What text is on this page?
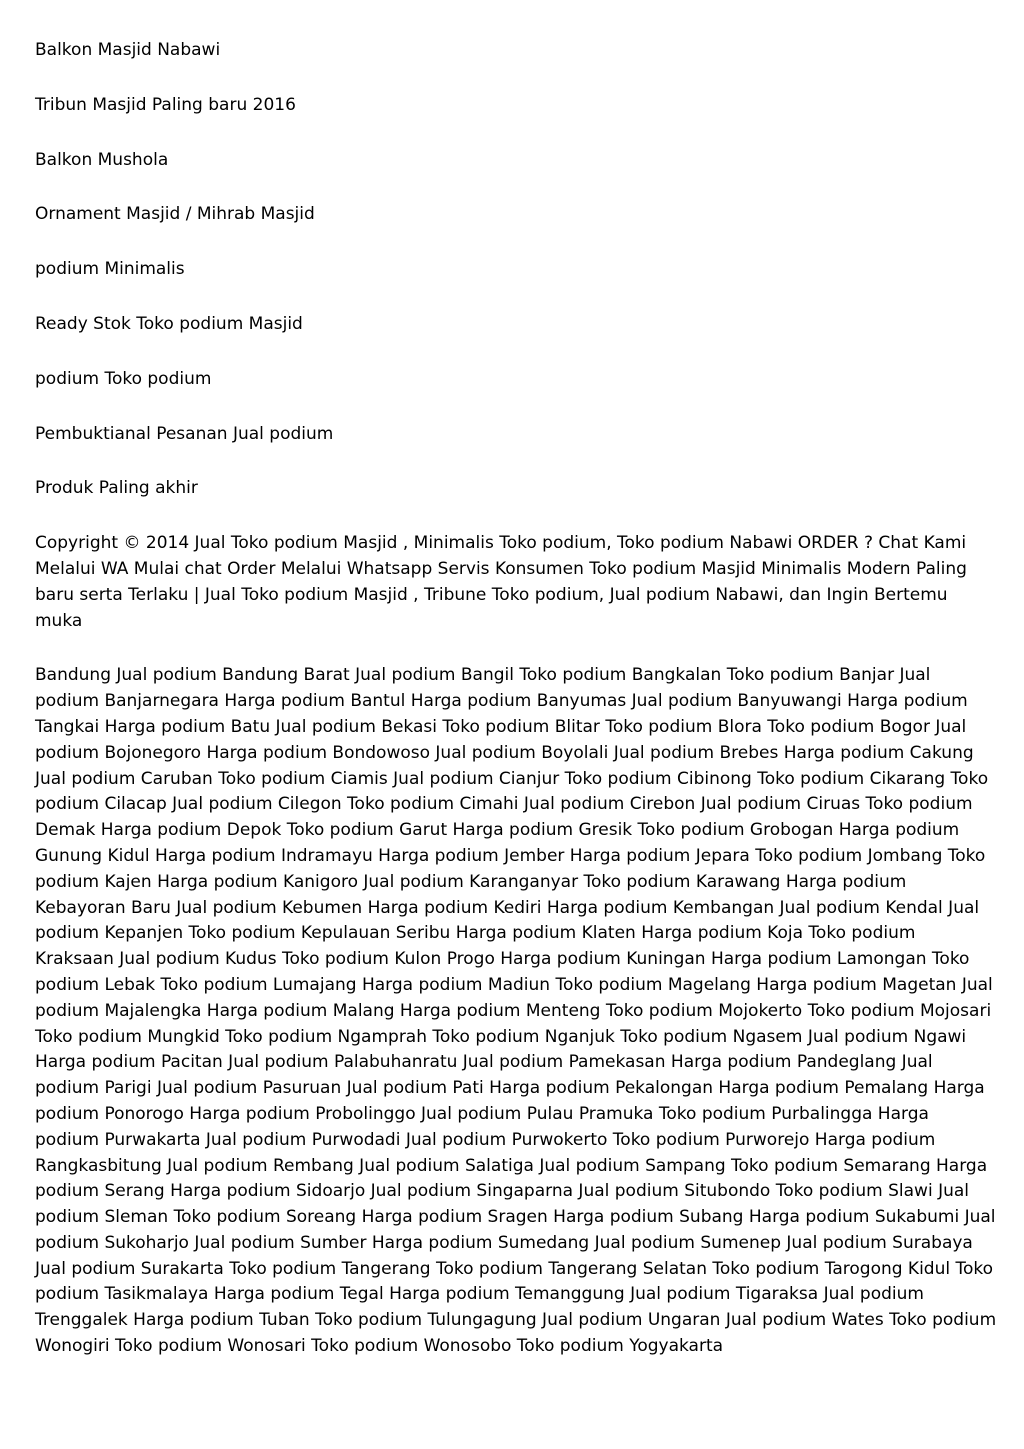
Balkon Masjid Nabawi
Tribun Masjid Paling baru 2016
Balkon Mushola
Ornament Masjid / Mihrab Masjid
podium Minimalis
Ready Stok Toko podium Masjid
podium Toko podium
Pembuktianal Pesanan Jual podium
Produk Paling akhir

Copyright © 2014 Jual Toko podium Masjid , Minimalis Toko podium, Toko podium Nabawi ORDER ? Chat Kami Melalui WA Mulai chat Order Melalui Whatsapp Servis Konsumen Toko podium Masjid Minimalis Modern Paling baru serta Terlaku | Jual Toko podium Masjid , Tribune Toko podium, Jual podium Nabawi, dan Ingin Bertemu muka

Bandung Jual podium Bandung Barat Jual podium Bangil Toko podium Bangkalan Toko podium Banjar Jual podium Banjarnegara Harga podium Bantul Harga podium Banyumas Jual podium Banyuwangi Harga podium Tangkai Harga podium Batu Jual podium Bekasi Toko podium Blitar Toko podium Blora Toko podium Bogor Jual podium Bojonegoro Harga podium Bondowoso Jual podium Boyolali Jual podium Brebes Harga podium Cakung Jual podium Caruban Toko podium Ciamis Jual podium Cianjur Toko podium Cibinong Toko podium Cikarang Toko podium Cilacap Jual podium Cilegon Toko podium Cimahi Jual podium Cirebon Jual podium Ciruas Toko podium Demak Harga podium Depok Toko podium Garut Harga podium Gresik Toko podium Grobogan Harga podium Gunung Kidul Harga podium Indramayu Harga podium Jember Harga podium Jepara Toko podium Jombang Toko podium Kajen Harga podium Kanigoro Jual podium Karanganyar Toko podium Karawang Harga podium Kebayoran Baru Jual podium Kebumen Harga podium Kediri Harga podium Kembangan Jual podium Kendal Jual podium Kepanjen Toko podium Kepulauan Seribu Harga podium Klaten Harga podium Koja Toko podium Kraksaan Jual podium Kudus Toko podium Kulon Progo Harga podium Kuningan Harga podium Lamongan Toko podium Lebak Toko podium Lumajang Harga podium Madiun Toko podium Magelang Harga podium Magetan Jual podium Majalengka Harga podium Malang Harga podium Menteng Toko podium Mojokerto Toko podium Mojosari Toko podium Mungkid Toko podium Ngamprah Toko podium Nganjuk Toko podium Ngasem Jual podium Ngawi Harga podium Pacitan Jual podium Palabuhanratu Jual podium Pamekasan Harga podium Pandeglang Jual podium Parigi Jual podium Pasuruan Jual podium Pati Harga podium Pekalongan Harga podium Pemalang Harga podium Ponorogo Harga podium Probolinggo Jual podium Pulau Pramuka Toko podium Purbalingga Harga podium Purwakarta Jual podium Purwodadi Jual podium Purwokerto Toko podium Purworejo Harga podium Rangkasbitung Jual podium Rembang Jual podium Salatiga Jual podium Sampang Toko podium Semarang Harga podium Serang Harga podium Sidoarjo Jual podium Singaparna Jual podium Situbondo Toko podium Slawi Jual podium Sleman Toko podium Soreang Harga podium Sragen Harga podium Subang Harga podium Sukabumi Jual podium Sukoharjo Jual podium Sumber Harga podium Sumedang Jual podium Sumenep Jual podium Surabaya Jual podium Surakarta Toko podium Tangerang Toko podium Tangerang Selatan Toko podium Tarogong Kidul Toko podium Tasikmalaya Harga podium Tegal Harga podium Temanggung Jual podium Tigaraksa Jual podium Trenggalek Harga podium Tuban Toko podium Tulungagung Jual podium Ungaran Jual podium Wates Toko podium Wonogiri Toko podium Wonosari Toko podium Wonosobo Toko podium Yogyakarta
